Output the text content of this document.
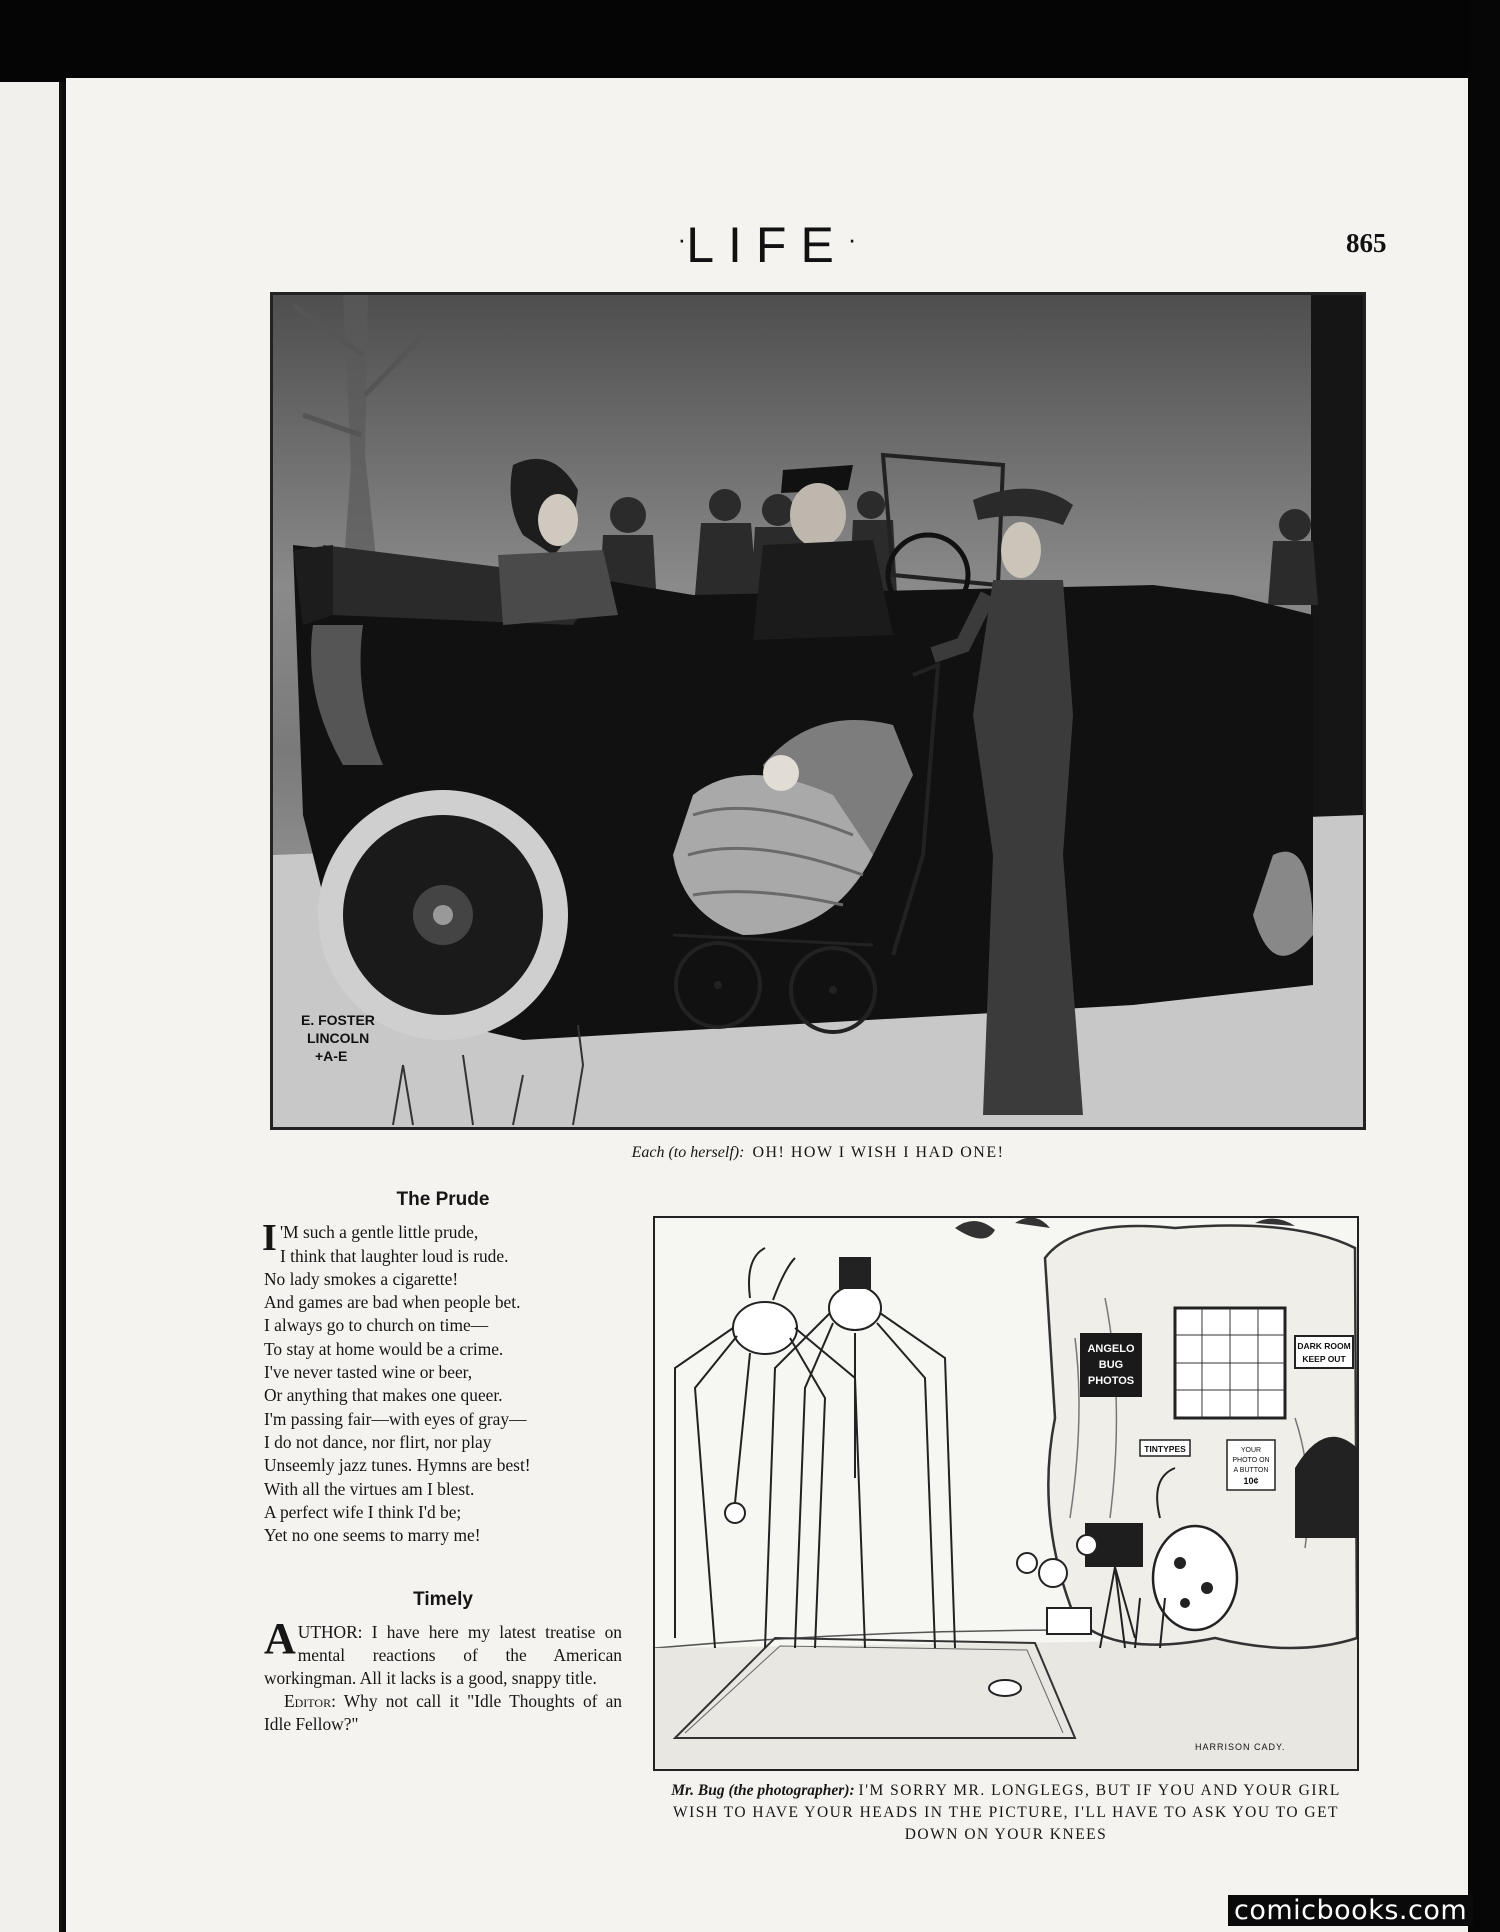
·LIFE·	865
E. FOSTER
LINCOLN
+A-E
Each (to herself): OH! HOW I WISH I HAD ONE!
The Prude
I 'M such a gentle little prude,
I think that laughter loud is rude.
No lady smokes a cigarette!
And games are bad when people bet.
I always go to church on time—
To stay at home would be a crime.
I've never tasted wine or beer,
Or anything that makes one queer.
I'm passing fair—with eyes of gray—
I do not dance, nor flirt, nor play
Unseemly jazz tunes. Hymns are best!
With all the virtues am I blest.
A perfect wife I think I'd be;
Yet no one seems to marry me!
Timely

AUTHOR: I have here my latest treatise on mental reactions of the American workingman. All it lacks is a good, snappy title.

Editor: Why not call it "Idle Thoughts of an Idle Fellow?"

ANGELO
BUG
PHOTOS
DARK ROOM
KEEP OUT
TINTYPES	YOUR
PHOTO ON
A BUTTON
10¢
HARRISON CADY.
Mr. Bug (the photographer): I'M SORRY MR. LONGLEGS, BUT IF YOU AND YOUR GIRL WISH TO HAVE YOUR HEADS IN THE PICTURE, I'LL HAVE TO ASK YOU TO GET DOWN ON YOUR KNEES
comicbooks.com
